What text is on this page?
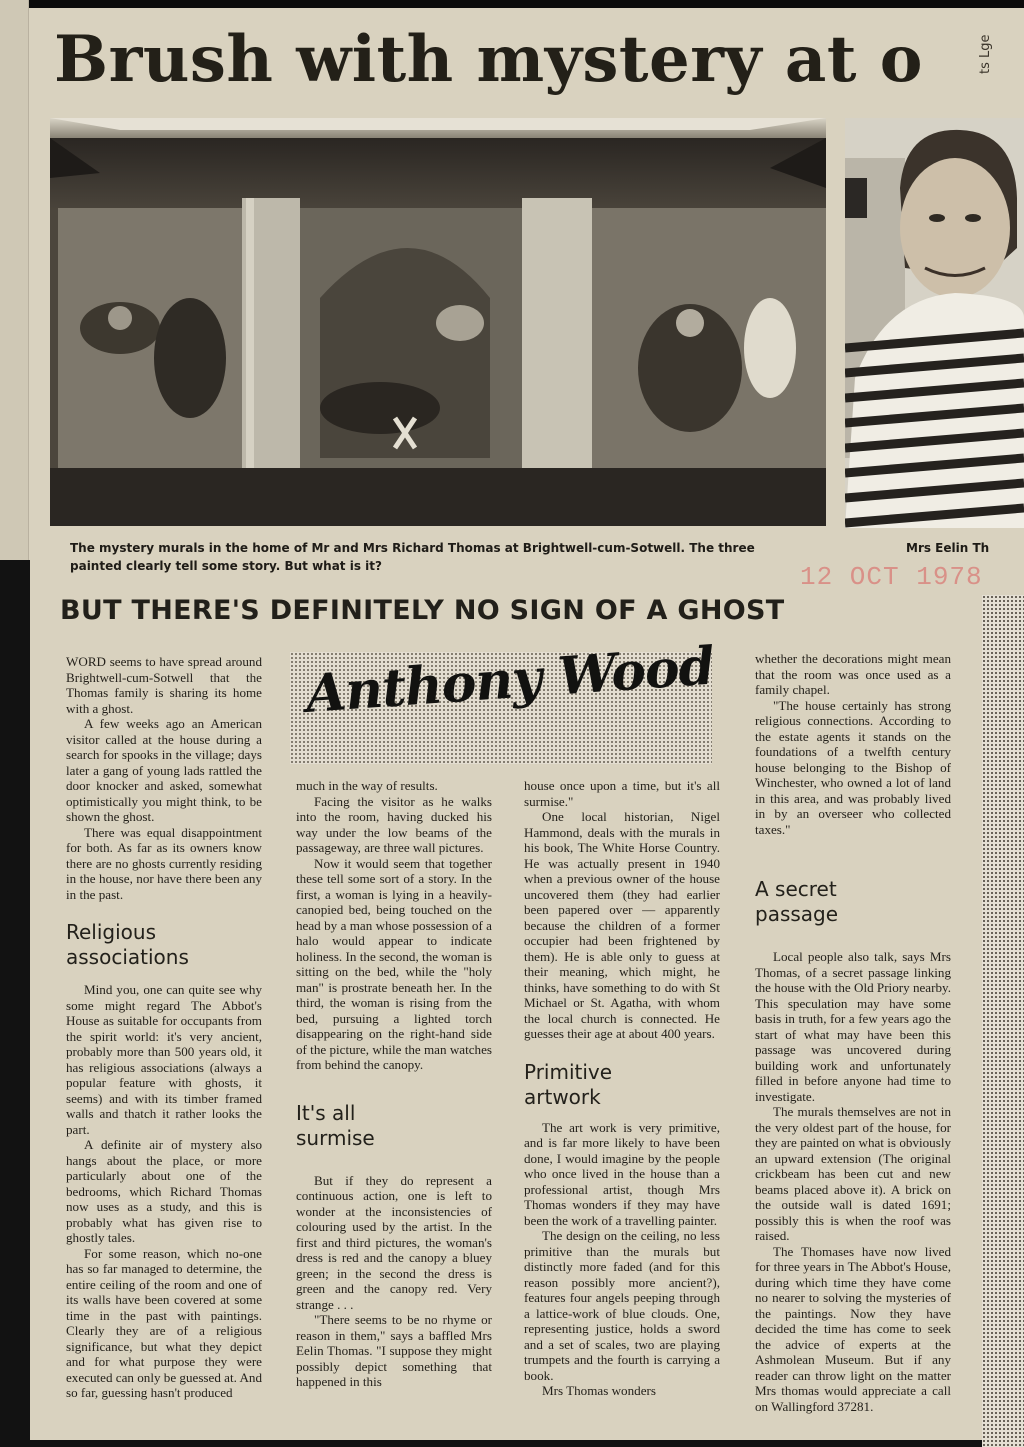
Brush with mystery at o	ts Lge

The mystery murals in the home of Mr and Mrs Richard Thomas at Brightwell-cum-Sotwell. The three painted clearly tell some story. But what is it?

Mrs Eelin Th
12 OCT 1978
BUT THERE'S DEFINITELY NO SIGN OF A GHOST
Anthony Wood

WORD seems to have spread around Brightwell-cum-Sotwell that the Thomas family is sharing its home with a ghost.

A few weeks ago an American visitor called at the house during a search for spooks in the village; days later a gang of young lads rattled the door knocker and asked, somewhat optimistically you might think, to be shown the ghost.

There was equal disappointment for both. As far as its owners know there are no ghosts currently residing in the house, nor have there been any in the past.

Religious associations

Mind you, one can quite see why some might regard The Abbot's House as suitable for occupants from the spirit world: it's very ancient, probably more than 500 years old, it has religious associations (always a popular feature with ghosts, it seems) and with its timber framed walls and thatch it rather looks the part.

A definite air of mystery also hangs about the place, or more particularly about one of the bedrooms, which Richard Thomas now uses as a study, and this is probably what has given rise to ghostly tales.

For some reason, which no-one has so far managed to determine, the entire ceiling of the room and one of its walls have been covered at some time in the past with paintings. Clearly they are of a religious significance, but what they depict and for what purpose they were executed can only be guessed at. And so far, guessing hasn't produced

much in the way of results.

Facing the visitor as he walks into the room, having ducked his way under the low beams of the passageway, are three wall pictures.

Now it would seem that together these tell some sort of a story. In the first, a woman is lying in a heavily-canopied bed, being touched on the head by a man whose possession of a halo would appear to indicate holiness. In the second, the woman is sitting on the bed, while the "holy man" is prostrate beneath her. In the third, the woman is rising from the bed, pursuing a lighted torch disappearing on the right-hand side of the picture, while the man watches from behind the canopy.

It's all surmise

But if they do represent a continuous action, one is left to wonder at the inconsistencies of colouring used by the artist. In the first and third pictures, the woman's dress is red and the canopy a bluey green; in the second the dress is green and the canopy red. Very strange . . .

"There seems to be no rhyme or reason in them," says a baffled Mrs Eelin Thomas. "I suppose they might possibly depict something that happened in this

house once upon a time, but it's all surmise."

One local historian, Nigel Hammond, deals with the murals in his book, The White Horse Country. He was actually present in 1940 when a previous owner of the house uncovered them (they had earlier been papered over — apparently because the children of a former occupier had been frightened by them). He is able only to guess at their meaning, which might, he thinks, have something to do with St Michael or St. Agatha, with whom the local church is connected. He guesses their age at about 400 years.

Primitive artwork

The art work is very primitive, and is far more likely to have been done, I would imagine by the people who once lived in the house than a professional artist, though Mrs Thomas wonders if they may have been the work of a travelling painter.

The design on the ceiling, no less primitive than the murals but distinctly more faded (and for this reason possibly more ancient?), features four angels peeping through a lattice-work of blue clouds. One, representing justice, holds a sword and a set of scales, two are playing trumpets and the fourth is carrying a book.

Mrs Thomas wonders

whether the decorations might mean that the room was once used as a family chapel.

"The house certainly has strong religious connections. According to the estate agents it stands on the foundations of a twelfth century house belonging to the Bishop of Winchester, who owned a lot of land in this area, and was probably lived in by an overseer who collected taxes."

A secret passage

Local people also talk, says Mrs Thomas, of a secret passage linking the house with the Old Priory nearby. This speculation may have some basis in truth, for a few years ago the start of what may have been this passage was uncovered during building work and unfortunately filled in before anyone had time to investigate.

The murals themselves are not in the very oldest part of the house, for they are painted on what is obviously an upward extension (The original crickbeam has been cut and new beams placed above it). A brick on the outside wall is dated 1691; possibly this is when the roof was raised.

The Thomases have now lived for three years in The Abbot's House, during which time they have come no nearer to solving the mysteries of the paintings. Now they have decided the time has come to seek the advice of experts at the Ashmolean Museum. But if any reader can throw light on the matter Mrs thomas would appreciate a call on Wallingford 37281.
